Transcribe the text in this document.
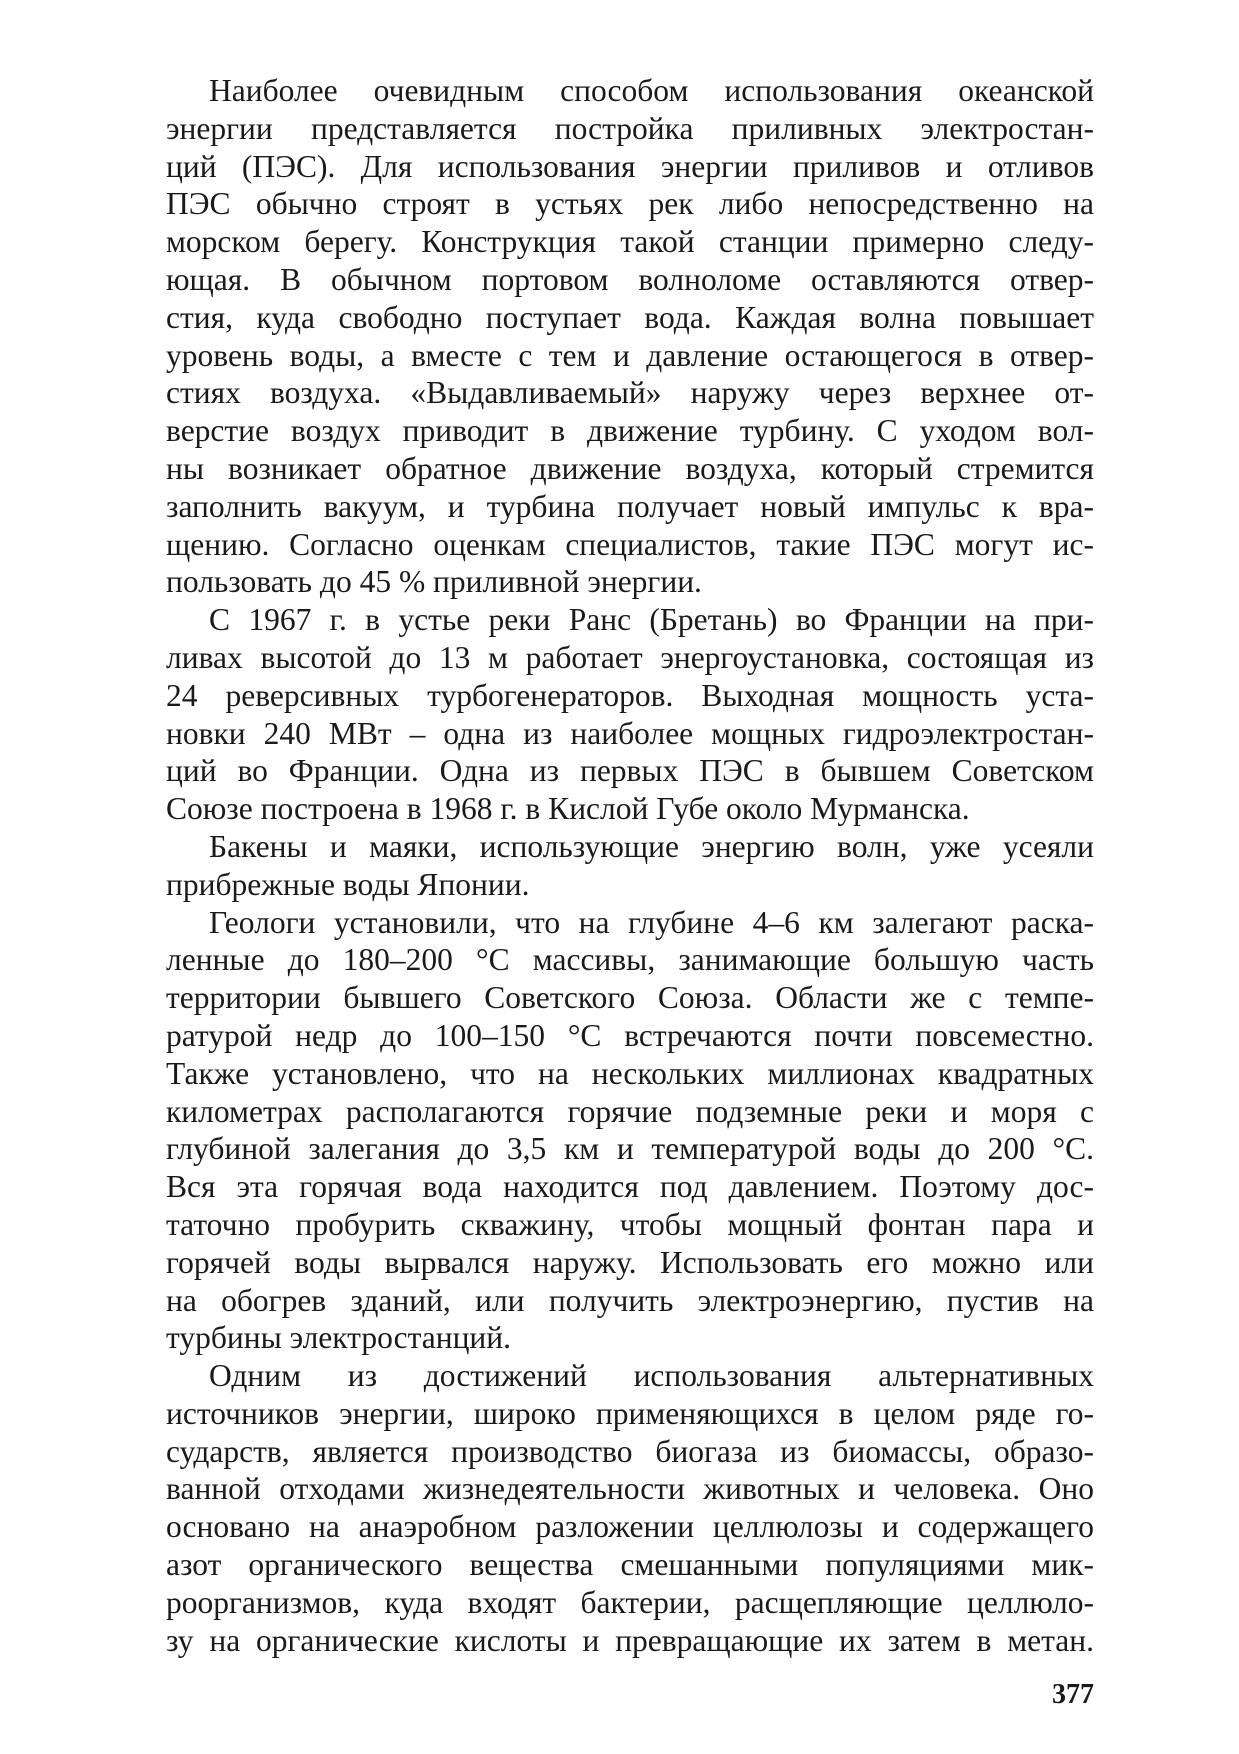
Наиболее очевидным способом использования океанской
энергии представляется постройка приливных электростан-
ций (ПЭС). Для использования энергии приливов и отливов
ПЭС обычно строят в устьях рек либо непосредственно на
морском берегу. Конструкция такой станции примерно следу-
ющая. В обычном портовом волноломе оставляются отвер-
стия, куда свободно поступает вода. Каждая волна повышает
уровень воды, а вместе с тем и давление остающегося в отвер-
стиях воздуха. «Выдавливаемый» наружу через верхнее от-
верстие воздух приводит в движение турбину. С уходом вол-
ны возникает обратное движение воздуха, который стремится
заполнить вакуум, и турбина получает новый импульс к вра-
щению. Согласно оценкам специалистов, такие ПЭС могут ис-
пользовать до 45 % приливной энергии.
С 1967 г. в устье реки Ранс (Бретань) во Франции на при-
ливах высотой до 13 м работает энергоустановка, состоящая из
24 реверсивных турбогенераторов. Выходная мощность уста-
новки 240 МВт – одна из наиболее мощных гидроэлектростан-
ций во Франции. Одна из первых ПЭС в бывшем Советском
Союзе построена в 1968 г. в Кислой Губе около Мурманска.
Бакены и маяки, использующие энергию волн, уже усеяли
прибрежные воды Японии.
Геологи установили, что на глубине 4–6 км залегают раска-
ленные до 180–200 °С массивы, занимающие большую часть
территории бывшего Советского Союза. Области же с темпе-
ратурой недр до 100–150 °С встречаются почти повсеместно.
Также установлено, что на нескольких миллионах квадратных
километрах располагаются горячие подземные реки и моря с
глубиной залегания до 3,5 км и температурой воды до 200 °С.
Вся эта горячая вода находится под давлением. Поэтому дос-
таточно пробурить скважину, чтобы мощный фонтан пара и
горячей воды вырвался наружу. Использовать его можно или
на обогрев зданий, или получить электроэнергию, пустив на
турбины электростанций.
Одним из достижений использования альтернативных
источников энергии, широко применяющихся в целом ряде го-
сударств, является производство биогаза из биомассы, образо-
ванной отходами жизнедеятельности животных и человека. Оно
основано на анаэробном разложении целлюлозы и содержащего
азот органического вещества смешанными популяциями мик-
роорганизмов, куда входят бактерии, расщепляющие целлюло-
зу на органические кислоты и превращающие их затем в метан.
377
